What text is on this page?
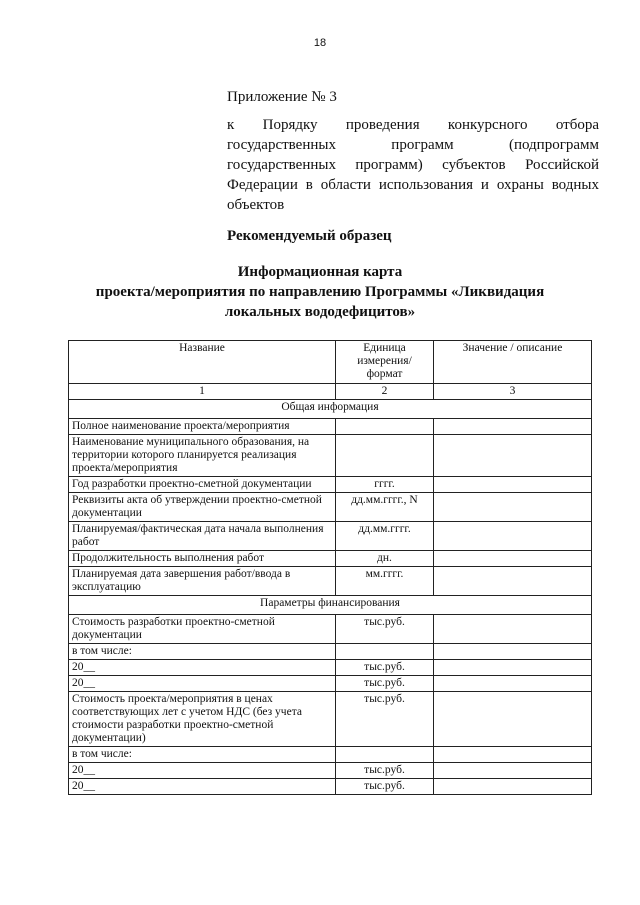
18
Приложение № 3
к Порядку проведения конкурсного отбора государственных программ (подпрограмм государственных программ) субъектов Российской Федерации в области использования и охраны водных объектов
Рекомендуемый образец
Информационная карта
проекта/мероприятия по направлению Программы «Ликвидация
локальных вододефицитов»
Название	Единица измерения/ формат	Значение / описание
1	2	3
Общая информация		
Полное наименование проекта/мероприятия		
Наименование муниципального образования, на территории которого планируется реализация проекта/мероприятия		
Год разработки проектно-сметной документации	гггг.	
Реквизиты акта об утверждении проектно-сметной документации	дд.мм.гггг., N	
Планируемая/фактическая дата начала выполнения работ	дд.мм.гггг.	
Продолжительность выполнения работ	дн.	
Планируемая дата завершения работ/ввода в эксплуатацию	мм.гггг.	
Параметры финансирования		
Стоимость разработки проектно-сметной документации	тыс.руб.	
в том числе:		
20__	тыс.руб.	
20__	тыс.руб.	
Стоимость проекта/мероприятия в ценах соответствующих лет с учетом НДС (без учета стоимости разработки проектно-сметной документации)	тыс.руб.	
в том числе:		
20__	тыс.руб.	
20__	тыс.руб.	
